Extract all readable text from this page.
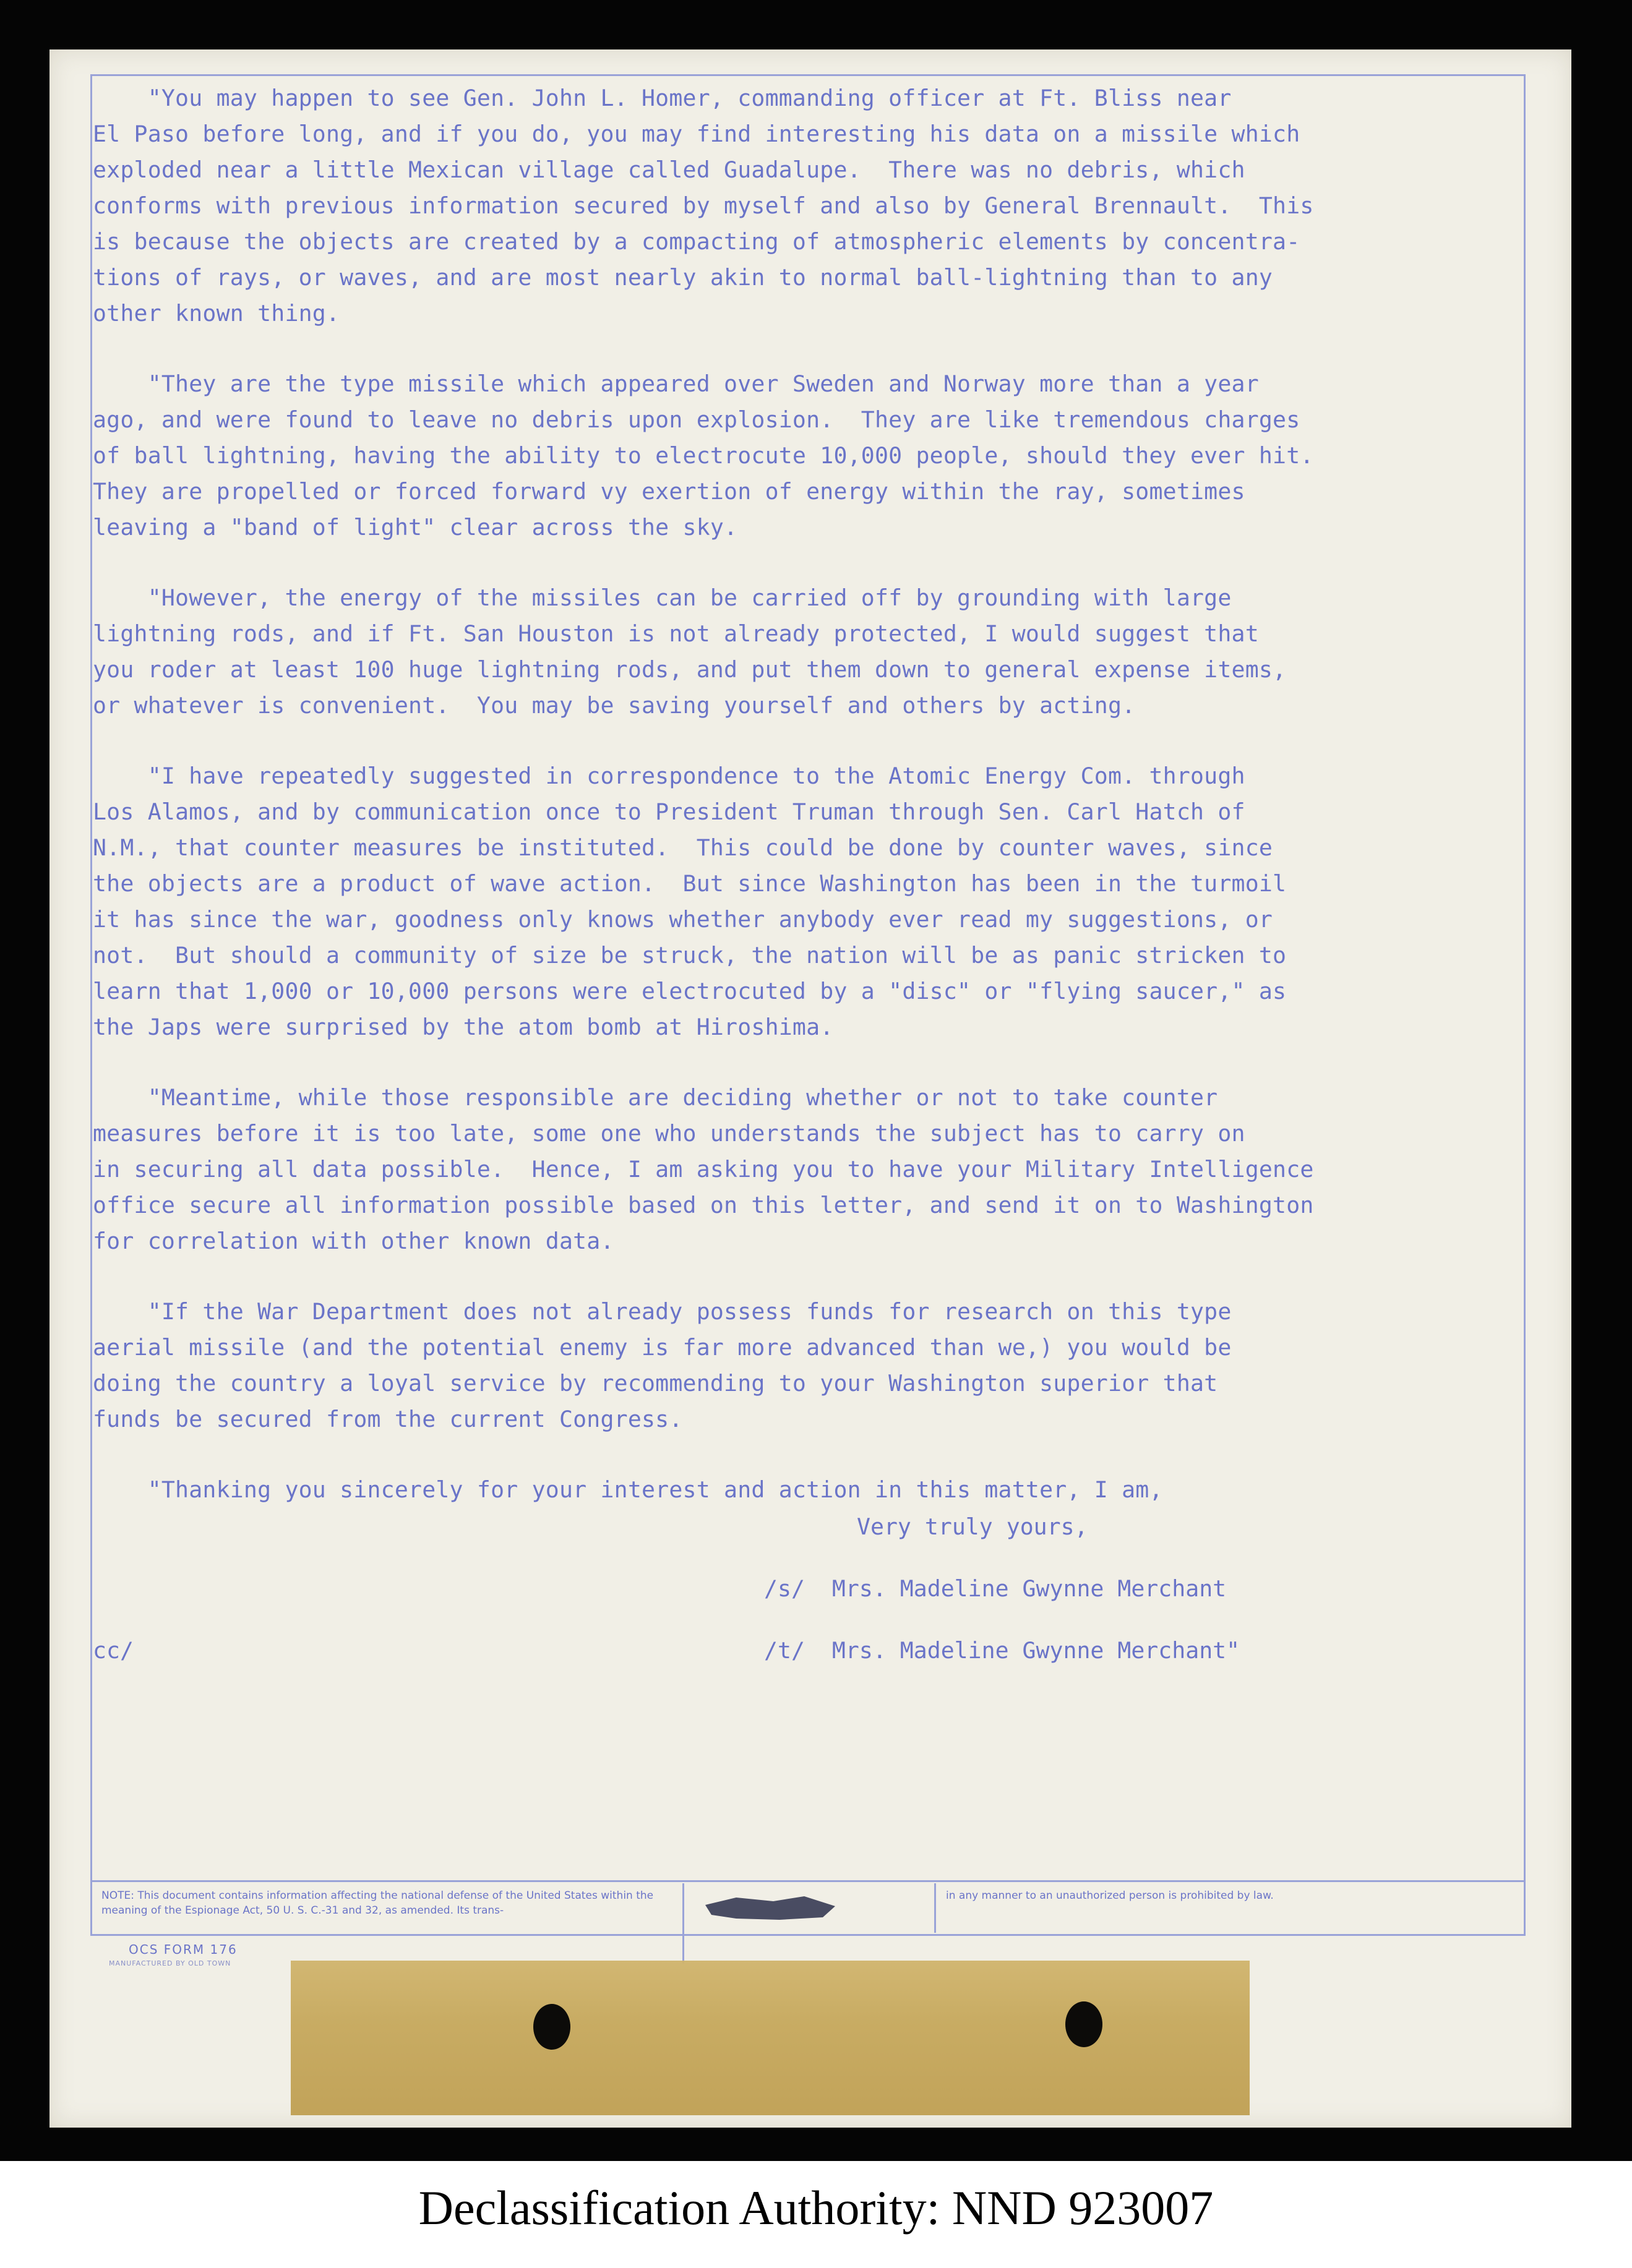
"You may happen to see Gen. John L. Homer, commanding officer at Ft. Bliss near
El Paso before long, and if you do, you may find interesting his data on a missile which
exploded near a little Mexican village called Guadalupe.  There was no debris, which
conforms with previous information secured by myself and also by General Brennault.  This
is because the objects are created by a compacting of atmospheric elements by concentra-
tions of rays, or waves, and are most nearly akin to normal ball-lightning than to any
other known thing.
"They are the type missile which appeared over Sweden and Norway more than a year
ago, and were found to leave no debris upon explosion.  They are like tremendous charges
of ball lightning, having the ability to electrocute 10,000 people, should they ever hit.
They are propelled or forced forward vy exertion of energy within the ray, sometimes
leaving a "band of light" clear across the sky.
"However, the energy of the missiles can be carried off by grounding with large
lightning rods, and if Ft. San Houston is not already protected, I would suggest that
you roder at least 100 huge lightning rods, and put them down to general expense items,
or whatever is convenient.  You may be saving yourself and others by acting.
"I have repeatedly suggested in correspondence to the Atomic Energy Com. through
Los Alamos, and by communication once to President Truman through Sen. Carl Hatch of
N.M., that counter measures be instituted.  This could be done by counter waves, since
the objects are a product of wave action.  But since Washington has been in the turmoil
it has since the war, goodness only knows whether anybody ever read my suggestions, or
not.  But should a community of size be struck, the nation will be as panic stricken to
learn that 1,000 or 10,000 persons were electrocuted by a "disc" or "flying saucer," as
the Japs were surprised by the atom bomb at Hiroshima.
"Meantime, while those responsible are deciding whether or not to take counter
measures before it is too late, some one who understands the subject has to carry on
in securing all data possible.  Hence, I am asking you to have your Military Intelligence
office secure all information possible based on this letter, and send it on to Washington
for correlation with other known data.
"If the War Department does not already possess funds for research on this type
aerial missile (and the potential enemy is far more advanced than we,) you would be
doing the country a loyal service by recommending to your Washington superior that
funds be secured from the current Congress.
"Thanking you sincerely for your interest and action in this matter, I am,
Very truly yours,
/s/ Mrs. Madeline Gwynne Merchant
cc/	/t/ Mrs. Madeline Gwynne Merchant"
NOTE: This document contains information affecting the national defense of the United States within the meaning of the Espionage Act, 50 U. S. C.-31 and 32, as amended. Its trans-
in any manner to an unauthorized person is prohibited by law.
OCS FORM 176
MANUFACTURED BY OLD TOWN
Declassification Authority: NND 923007
